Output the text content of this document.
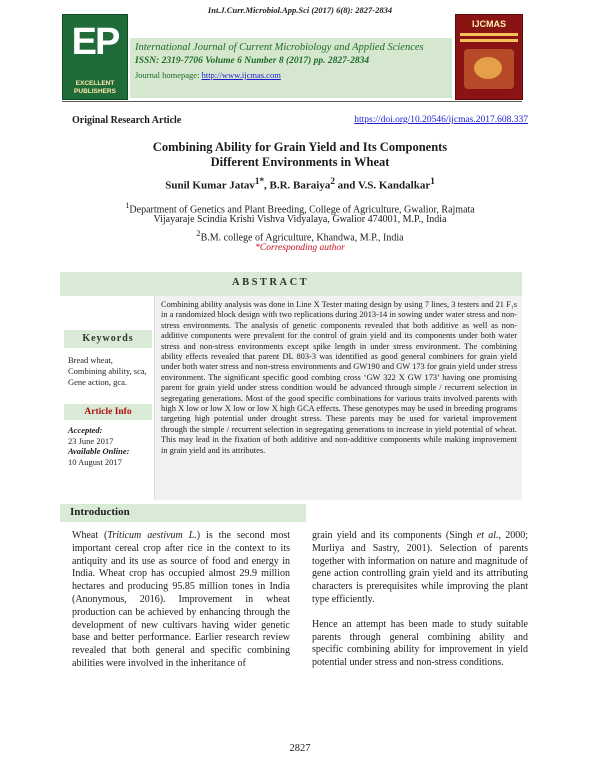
Int.J.Curr.Microbiol.App.Sci (2017) 6(8): 2827-2834
EP
EXCELLENT PUBLISHERS
International Journal of Current Microbiology and Applied Sciences
ISSN: 2319-7706 Volume 6 Number 8 (2017) pp. 2827-2834
Journal homepage: http://www.ijcmas.com
IJCMAS
Original Research Article	https://doi.org/10.20546/ijcmas.2017.608.337
Combining Ability for Grain Yield and Its Components
Different Environments in Wheat
Sunil Kumar Jatav$^{1*}$, B.R. Baraiya$^2$ and V.S. Kandalkar$^1$
$^1$Department of Genetics and Plant Breeding, College of Agriculture, Gwalior, Rajmata
Vijayaraje Scindia Krishi Vishva Vidyalaya, Gwalior 474001, M.P., India
$^2$B.M. college of Agriculture, Khandwa, M.P., India
*Corresponding author
ABSTRACT
Keywords
Bread wheat, Combining ability, sca, Gene action, gca.
Article Info
Accepted:
23 June 2017
Available Online:
10 August 2017
Combining ability analysis was done in Line X Tester mating design by using 7 lines, 3 testers and 21 F₁s in a randomized block design with two replications during 2013-14 in sowing under water stress and non-stress environments. The analysis of genetic components revealed that both additive as well as non-additive components were prevalent for the control of grain yield and its components under both water stress and non-stress environments except spike length in under stress environment. The combining ability effects revealed that parent DL 803-3 was identified as good general combiners for grain yield under both water stress and non-stress environments and GW190 and GW 173 for grain yield under stress environment. The significant specific good combing cross ‘GW 322 X GW 173’ having one promising parent for grain yield under stress condition would be advanced through simple / recurrent selection in segregating generations. Most of the good specific combinations for various traits involved parents with high X low or low X low or low X high GCA effects. These genotypes may be used in breeding programs targeting high potential under drought stress. These parents may be used for varietal improvement through the simple / recurrent selection in segregating generations to increase in yield potential of wheat. This may lead in the fixation of both additive and non-additive components while making improvement in grain yield and its attributes.
Introduction

Wheat (Triticum aestivum L.) is the second most important cereal crop after rice in the context to its antiquity and its use as source of food and energy in India. Wheat crop has occupied almost 29.9 million hectares and producing 95.85 million tones in India (Anonymous, 2016). Improvement in wheat production can be achieved by enhancing through the development of new cultivars having wider genetic base and better performance. Earlier research review revealed that both general and specific combining abilities were involved in the inheritance of

grain yield and its components (Singh et al., 2000; Murliya and Sastry, 2001). Selection of parents together with information on nature and magnitude of gene action controlling grain yield and its attributing characters is prerequisites while improving the plant type efficiently.

Hence an attempt has been made to study suitable parents through general combining ability and specific combining ability for improvement in yield potential under stress and non-stress conditions.

2827
